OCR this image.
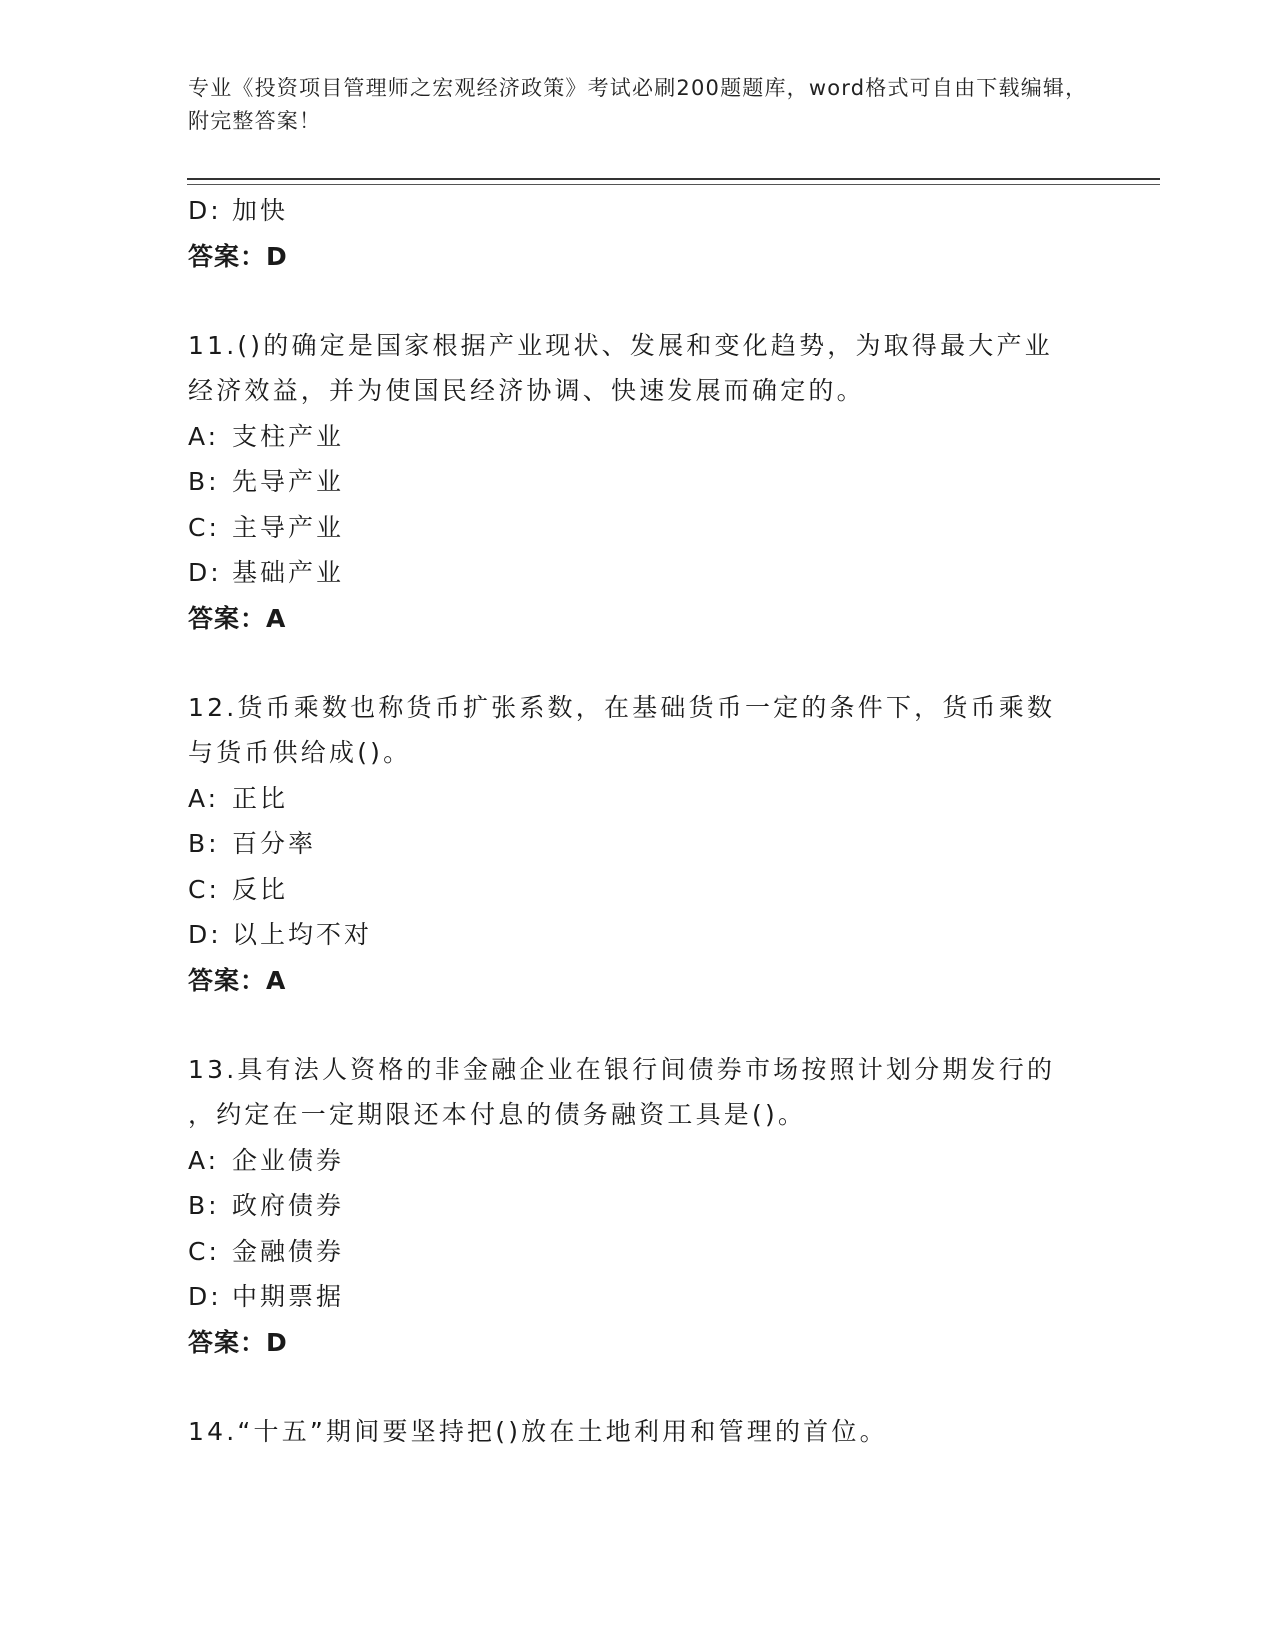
专业《投资项目管理师之宏观经济政策》考试必刷200题题库，word格式可自由下载编辑，附完整答案！
D: 加快
答案：D
11.()的确定是国家根据产业现状、发展和变化趋势，为取得最大产业
经济效益，并为使国民经济协调、快速发展而确定的。
A: 支柱产业
B: 先导产业
C: 主导产业
D: 基础产业
答案：A
12.货币乘数也称货币扩张系数，在基础货币一定的条件下，货币乘数
与货币供给成()。
A: 正比
B: 百分率
C: 反比
D: 以上均不对
答案：A
13.具有法人资格的非金融企业在银行间债券市场按照计划分期发行的
，约定在一定期限还本付息的债务融资工具是()。
A: 企业债券
B: 政府债券
C: 金融债券
D: 中期票据
答案：D
14.“十五”期间要坚持把()放在土地利用和管理的首位。
